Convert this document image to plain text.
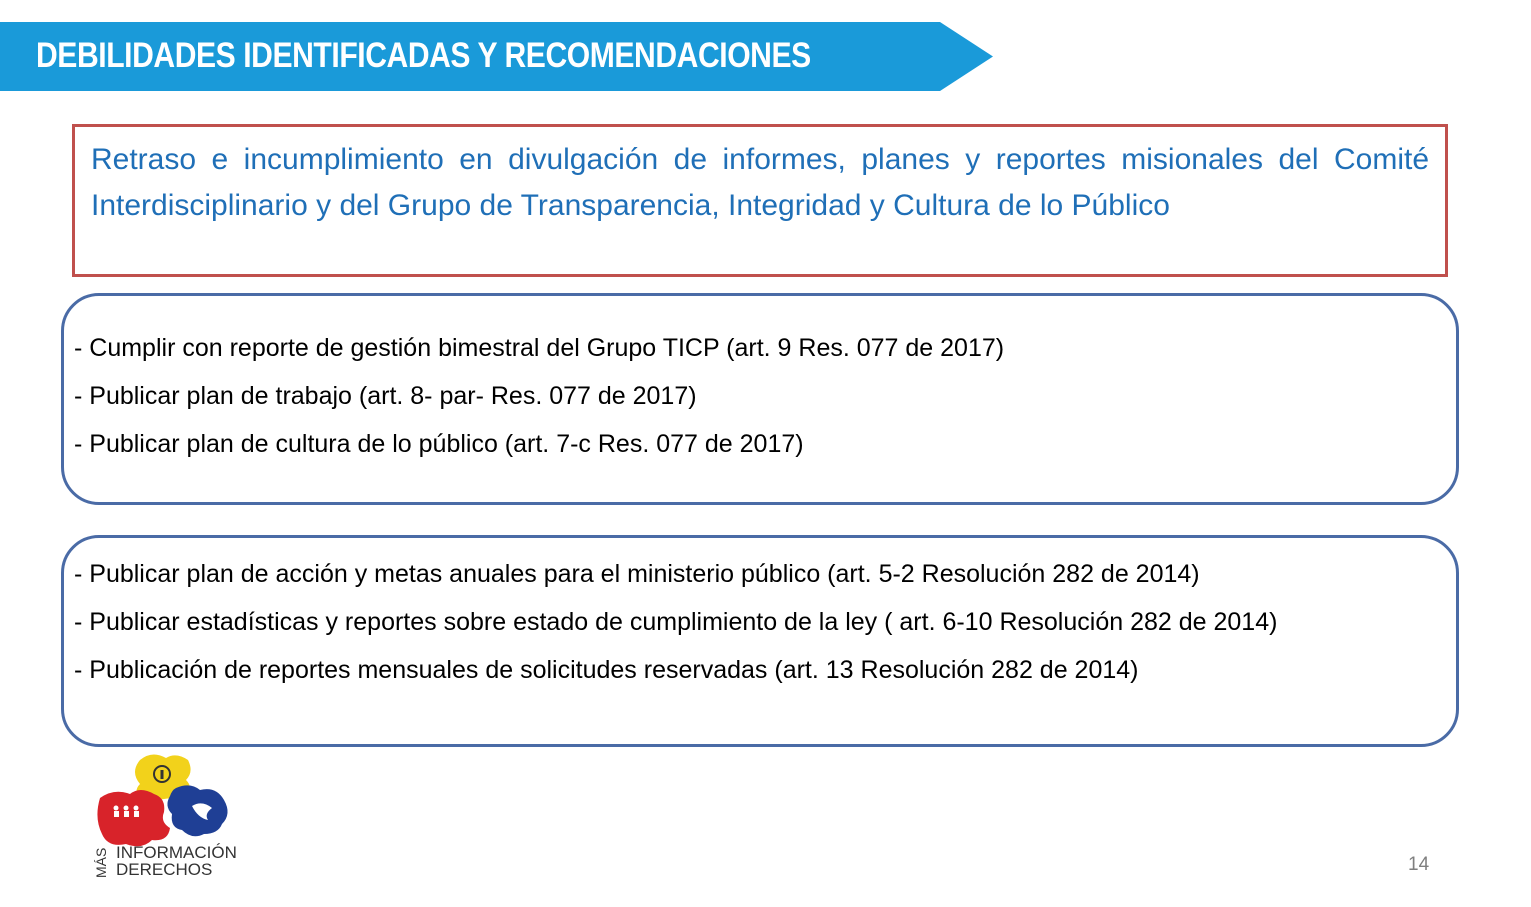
DEBILIDADES IDENTIFICADAS Y RECOMENDACIONES

Retraso e incumplimiento en divulgación de informes, planes y reportes misionales del Comité Interdisciplinario y del Grupo de Transparencia, Integridad y Cultura de lo Público

- Cumplir con reporte de gestión bimestral del Grupo TICP (art. 9 Res. 077 de 2017)

- Publicar plan de trabajo (art. 8- par- Res. 077 de 2017)

- Publicar plan de cultura de lo público (art. 7-c Res. 077 de 2017)

- Publicar plan de acción y metas anuales para el ministerio público (art. 5-2 Resolución 282 de 2014)

- Publicar estadísticas y reportes sobre estado de cumplimiento de la ley ( art. 6-10 Resolución 282 de 2014)

- Publicación de reportes mensuales de solicitudes reservadas (art. 13 Resolución 282 de 2014)

MÁS INFORMACIÓN
DERECHOS	14
